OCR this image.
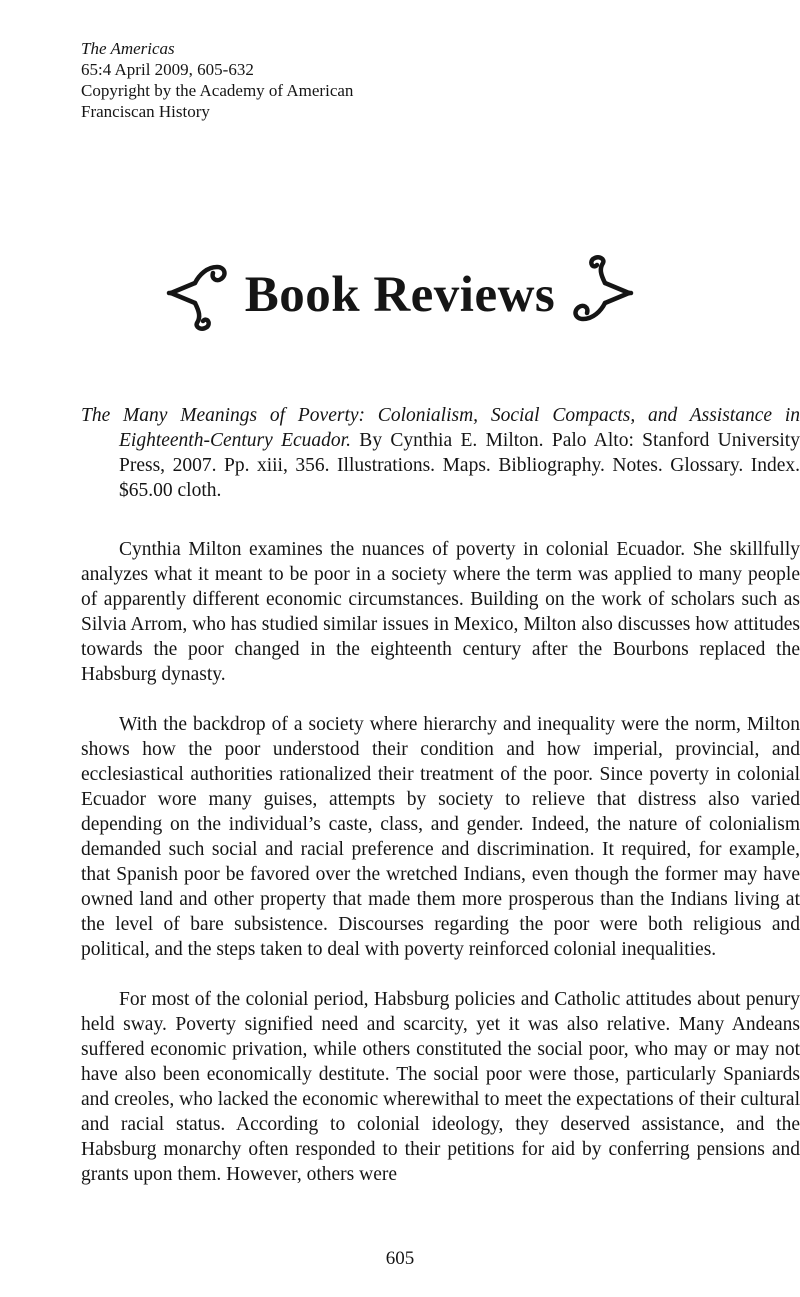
The Americas
65:4 April 2009, 605-632
Copyright by the Academy of American
Franciscan History
Book Reviews

The Many Meanings of Poverty: Colonialism, Social Compacts, and Assistance in Eighteenth-Century Ecuador. By Cynthia E. Milton. Palo Alto: Stanford University Press, 2007. Pp. xiii, 356. Illustrations. Maps. Bibliography. Notes. Glossary. Index. $65.00 cloth.

Cynthia Milton examines the nuances of poverty in colonial Ecuador. She skillfully analyzes what it meant to be poor in a society where the term was applied to many people of apparently different economic circumstances. Building on the work of scholars such as Silvia Arrom, who has studied similar issues in Mexico, Milton also discusses how attitudes towards the poor changed in the eighteenth century after the Bourbons replaced the Habsburg dynasty.

With the backdrop of a society where hierarchy and inequality were the norm, Milton shows how the poor understood their condition and how imperial, provincial, and ecclesiastical authorities rationalized their treatment of the poor. Since poverty in colonial Ecuador wore many guises, attempts by society to relieve that distress also varied depending on the individual’s caste, class, and gender. Indeed, the nature of colonialism demanded such social and racial preference and discrimination. It required, for example, that Spanish poor be favored over the wretched Indians, even though the former may have owned land and other property that made them more prosperous than the Indians living at the level of bare subsistence. Discourses regarding the poor were both religious and political, and the steps taken to deal with poverty reinforced colonial inequalities.

For most of the colonial period, Habsburg policies and Catholic attitudes about penury held sway. Poverty signified need and scarcity, yet it was also relative. Many Andeans suffered economic privation, while others constituted the social poor, who may or may not have also been economically destitute. The social poor were those, particularly Spaniards and creoles, who lacked the economic wherewithal to meet the expectations of their cultural and racial status. According to colonial ideology, they deserved assistance, and the Habsburg monarchy often responded to their petitions for aid by conferring pensions and grants upon them. However, others were

605
